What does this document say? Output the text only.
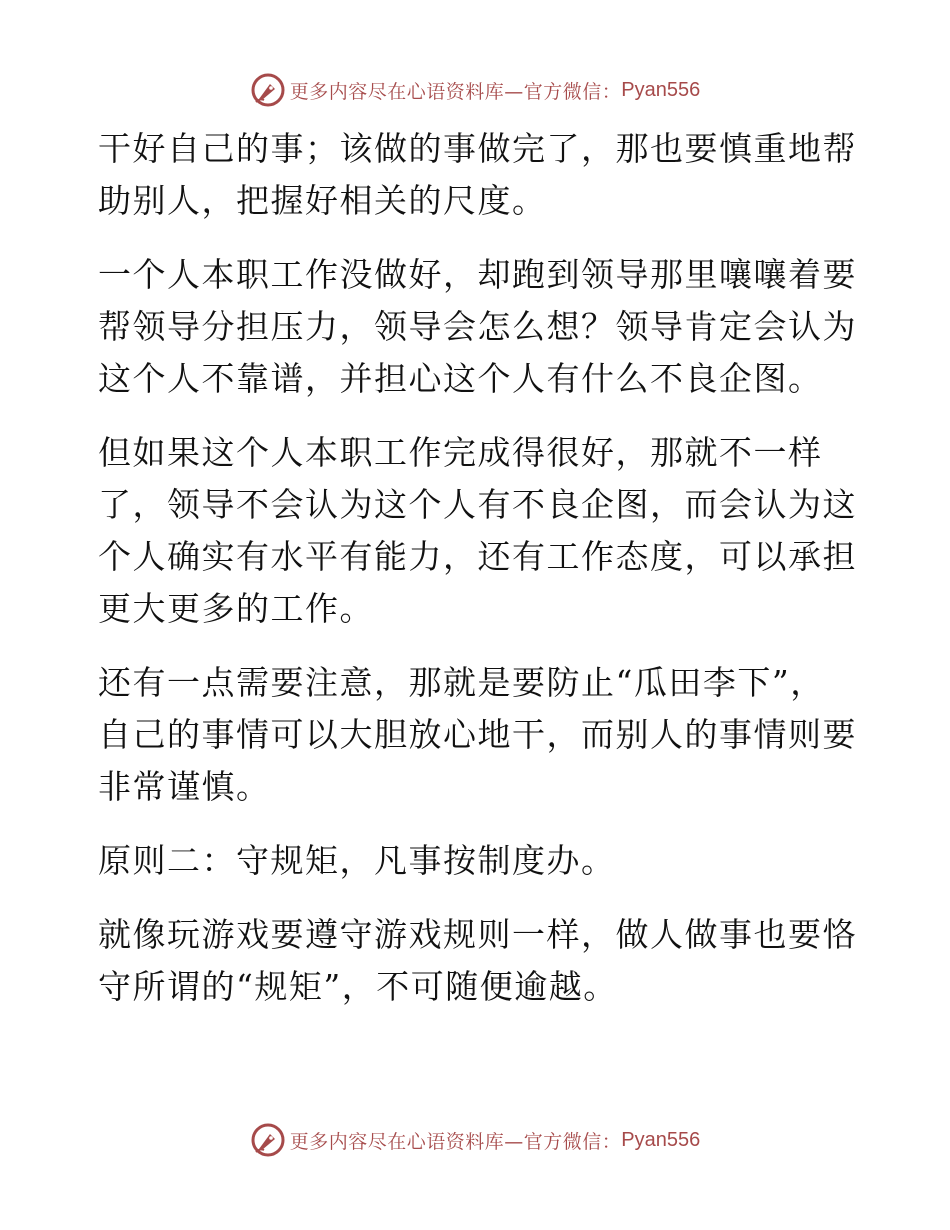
更多内容尽在心语资料库—官方微信： Pyan556

干好自己的事；该做的事做完了，那也要慎重地帮助别人，把握好相关的尺度。

一个人本职工作没做好，却跑到领导那里嚷嚷着要帮领导分担压力，领导会怎么想？领导肯定会认为这个人不靠谱，并担心这个人有什么不良企图。

但如果这个人本职工作完成得很好，那就不一样了，领导不会认为这个人有不良企图，而会认为这个人确实有水平有能力，还有工作态度，可以承担更大更多的工作。

还有一点需要注意，那就是要防止“瓜田李下”，自己的事情可以大胆放心地干，而别人的事情则要非常谨慎。

原则二：守规矩，凡事按制度办。

就像玩游戏要遵守游戏规则一样，做人做事也要恪守所谓的“规矩”，不可随便逾越。

更多内容尽在心语资料库—官方微信： Pyan556
